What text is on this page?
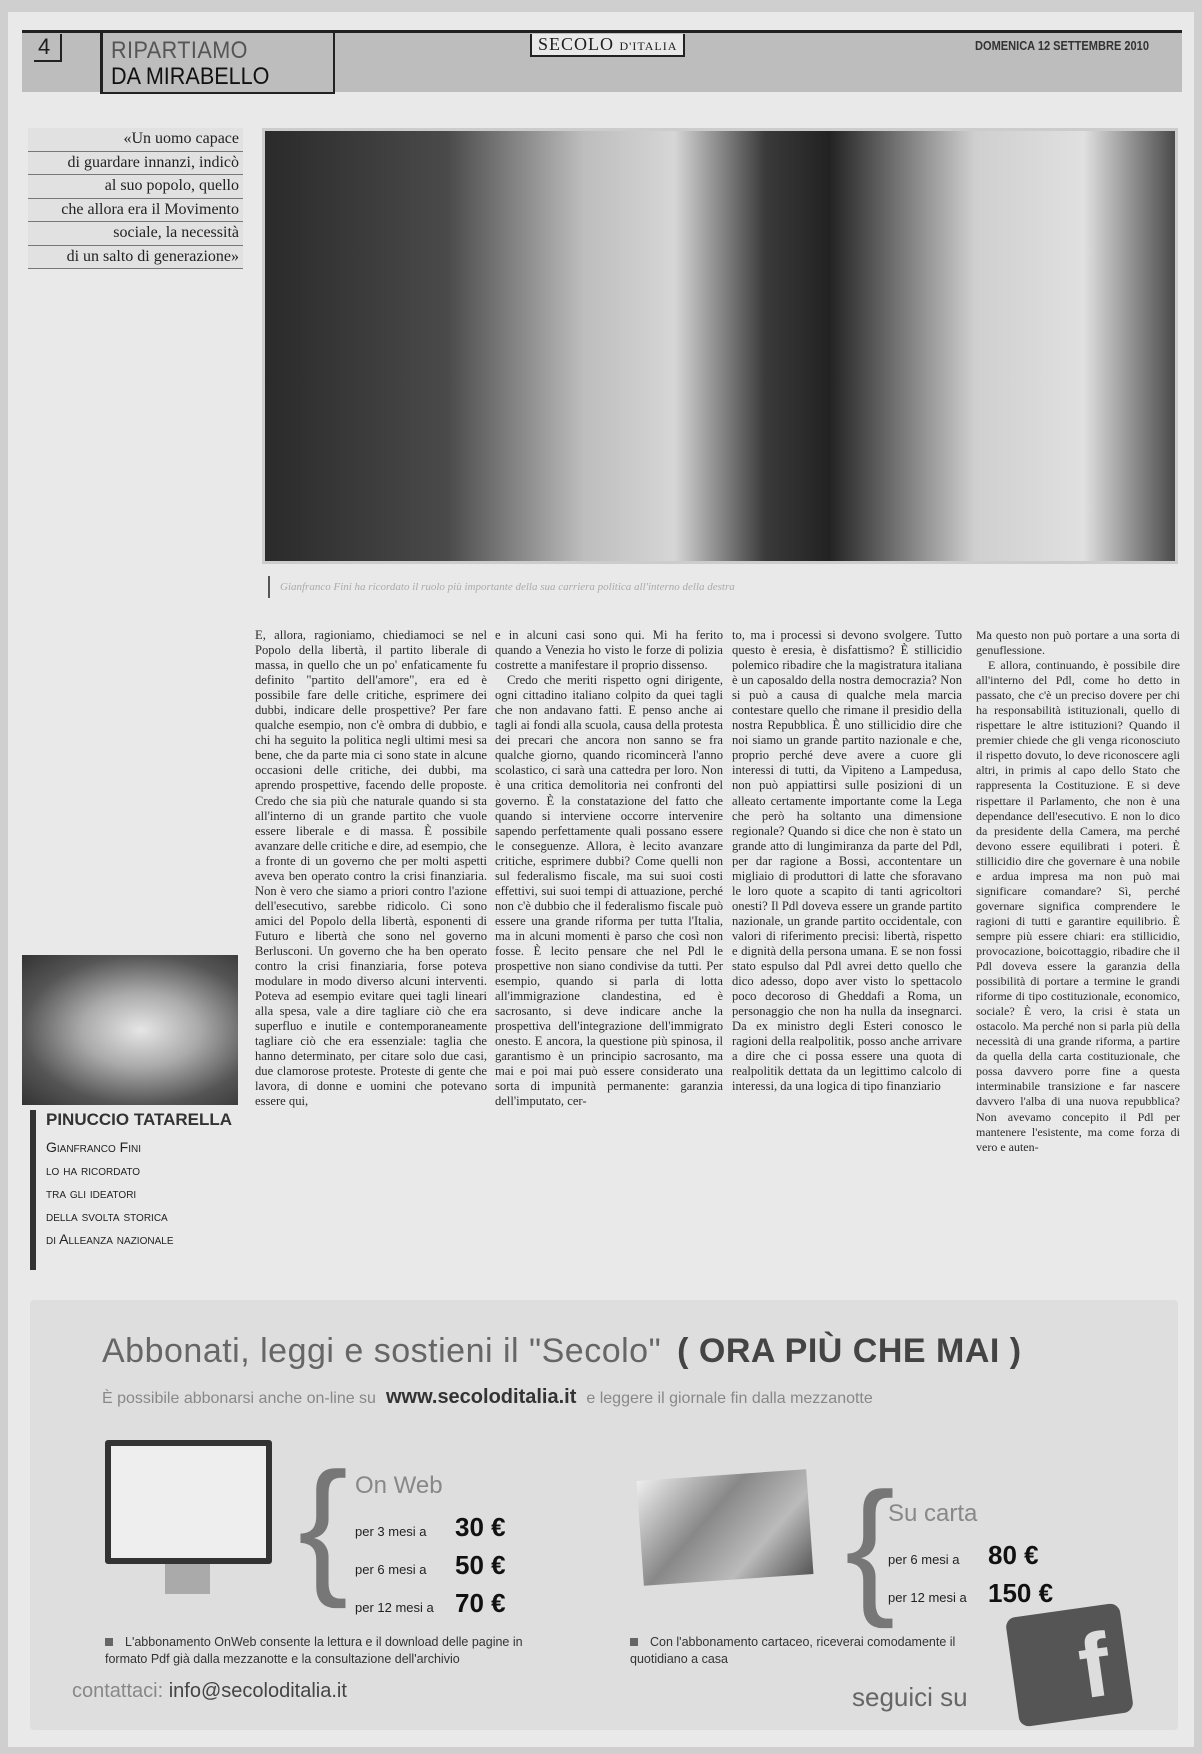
4	RIPARTIAMO
DA MIRABELLO
SECOLO D'ITALIA	DOMENICA 12 SETTEMBRE 2010
«Un uomo capace
di guardare innanzi, indicò
al suo popolo, quello
che allora era il Movimento
sociale, la necessità
di un salto di generazione»
Gianfranco Fini ha ricordato il ruolo più importante della sua carriera politica all'interno della destra

E, allora, ragioniamo, chiediamoci se nel Popolo della libertà, il partito liberale di massa, in quello che un po' enfaticamente fu definito "partito dell'amore", era ed è possibile fare delle critiche, esprimere dei dubbi, indicare delle prospettive? Per fare qualche esempio, non c'è ombra di dubbio, e chi ha seguito la politica negli ultimi mesi sa bene, che da parte mia ci sono state in alcune occasioni delle critiche, dei dubbi, ma aprendo prospettive, facendo delle proposte. Credo che sia più che naturale quando si sta all'interno di un grande partito che vuole essere liberale e di massa. È possibile avanzare delle critiche e dire, ad esempio, che a fronte di un governo che per molti aspetti aveva ben operato contro la crisi finanziaria. Non è vero che siamo a priori contro l'azione dell'esecutivo, sarebbe ridicolo. Ci sono amici del Popolo della libertà, esponenti di Futuro e libertà che sono nel governo Berlusconi. Un governo che ha ben operato contro la crisi finanziaria, forse poteva modulare in modo diverso alcuni interventi. Poteva ad esempio evitare quei tagli lineari alla spesa, vale a dire tagliare ciò che era superfluo e inutile e contemporaneamente tagliare ciò che era essenziale: taglia che hanno determinato, per citare solo due casi, due clamorose proteste. Proteste di gente che lavora, di donne e uomini che potevano essere qui,

e in alcuni casi sono qui. Mi ha ferito quando a Venezia ho visto le forze di polizia costrette a manifestare il proprio dissenso.

Credo che meriti rispetto ogni dirigente, ogni cittadino italiano colpito da quei tagli che non andavano fatti. E penso anche ai tagli ai fondi alla scuola, causa della protesta dei precari che ancora non sanno se fra qualche giorno, quando ricomincerà l'anno scolastico, ci sarà una cattedra per loro. Non è una critica demolitoria nei confronti del governo. È la constatazione del fatto che quando si interviene occorre intervenire sapendo perfettamente quali possano essere le conseguenze. Allora, è lecito avanzare critiche, esprimere dubbi? Come quelli non sul federalismo fiscale, ma sui suoi costi effettivi, sui suoi tempi di attuazione, perché non c'è dubbio che il federalismo fiscale può essere una grande riforma per tutta l'Italia, ma in alcuni momenti è parso che così non fosse. È lecito pensare che nel Pdl le prospettive non siano condivise da tutti. Per esempio, quando si parla di lotta all'immigrazione clandestina, ed è sacrosanto, si deve indicare anche la prospettiva dell'integrazione dell'immigrato onesto. E ancora, la questione più spinosa, il garantismo è un principio sacrosanto, ma mai e poi mai può essere considerato una sorta di impunità permanente: garanzia dell'imputato, cer-

to, ma i processi si devono svolgere. Tutto questo è eresia, è disfattismo? È stillicidio polemico ribadire che la magistratura italiana è un caposaldo della nostra democrazia? Non si può a causa di qualche mela marcia contestare quello che rimane il presidio della nostra Repubblica. È uno stillicidio dire che noi siamo un grande partito nazionale e che, proprio perché deve avere a cuore gli interessi di tutti, da Vipiteno a Lampedusa, non può appiattirsi sulle posizioni di un alleato certamente importante come la Lega che però ha soltanto una dimensione regionale? Quando si dice che non è stato un grande atto di lungimiranza da parte del Pdl, per dar ragione a Bossi, accontentare un migliaio di produttori di latte che sforavano le loro quote a scapito di tanti agricoltori onesti? Il Pdl doveva essere un grande partito nazionale, un grande partito occidentale, con valori di riferimento precisi: libertà, rispetto e dignità della persona umana. E se non fossi stato espulso dal Pdl avrei detto quello che dico adesso, dopo aver visto lo spettacolo poco decoroso di Gheddafi a Roma, un personaggio che non ha nulla da insegnarci. Da ex ministro degli Esteri conosco le ragioni della realpolitik, posso anche arrivare a dire che ci possa essere una quota di realpolitik dettata da un legittimo calcolo di interessi, da una logica di tipo finanziario

Ma questo non può portare a una sorta di genuflessione.

E allora, continuando, è possibile dire all'interno del Pdl, come ho detto in passato, che c'è un preciso dovere per chi ha responsabilità istituzionali, quello di rispettare le altre istituzioni? Quando il premier chiede che gli venga riconosciuto il rispetto dovuto, lo deve riconoscere agli altri, in primis al capo dello Stato che rappresenta la Costituzione. E si deve rispettare il Parlamento, che non è una dependance dell'esecutivo. E non lo dico da presidente della Camera, ma perché devono essere equilibrati i poteri. È stillicidio dire che governare è una nobile e ardua impresa ma non può mai significare comandare? Sì, perché governare significa comprendere le ragioni di tutti e garantire equilibrio. È sempre più essere chiari: era stillicidio, provocazione, boicottaggio, ribadire che il Pdl doveva essere la garanzia della possibilità di portare a termine le grandi riforme di tipo costituzionale, economico, sociale? È vero, la crisi è stata un ostacolo. Ma perché non si parla più della necessità di una grande riforma, a partire da quella della carta costituzionale, che possa davvero porre fine a questa interminabile transizione e far nascere davvero l'alba di una nuova repubblica? Non avevamo concepito il Pdl per mantenere l'esistente, ma come forza di vero e auten-

PINUCCIO TATARELLA
Gianfranco Fini
lo ha ricordato
tra gli ideatori
della svolta storica
di Alleanza nazionale
Abbonati, leggi e sostieni il "Secolo" ( ORA PIÙ CHE MAI )
È possibile abbonarsi anche on-line su www.secoloditalia.it e leggere il giornale fin dalla mezzanotte
{ On Web
per 3 mesi a 30 €
per 6 mesi a 50 €
per 12 mesi a 70 € {
Su carta
per 6 mesi a 80 €
per 12 mesi a 150 €
L'abbonamento OnWeb consente la lettura e il download delle pagine in formato Pdf già dalla mezzanotte e la consultazione dell'archivio
Con l'abbonamento cartaceo, riceverai comodamente il quotidiano a casa
contattaci: info@secoloditalia.it	seguici su	f
